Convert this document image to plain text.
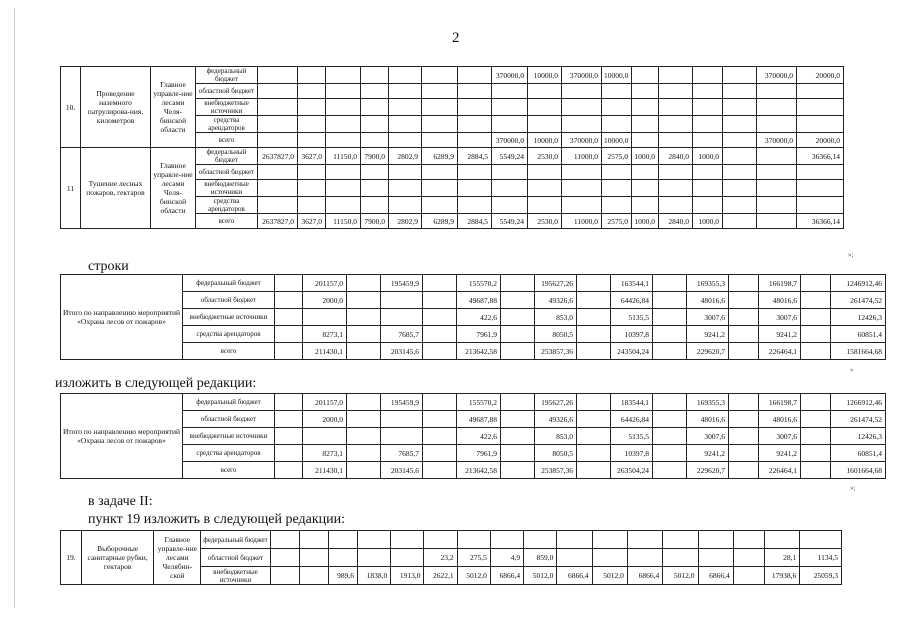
2
10.	Проведение наземного патрулирова-ния, километров	Главное управле-ние лесами Челя-бинской области	федеральный бюджет								370000,0	10000,0	370000,0	10000,0					370000,0	20000,0
			областной бюджет																	
			внебюджетные источники																	
			средства арендаторов																	
			всего								370000,0	10000,0	370000,0	10000,0					370000,0	20000,0
11	Тушение лесных пожаров, гектаров	Главное управле-ние лесами Челя-бинской области	федеральный бюджет	2637827,0	3627,0	11150,0	7900,0	2802,9	6289,9	2884,5	5549,24	2530,0	11000,0	2575,0	1000,0	2840,0	1000,0			36366,14
			областной бюджет																	
			внебюджетные источники																	
			средства арендаторов																	
			всего	2637827,0	3627,0	11150,0	7900,0	2802,9	6289,9	2884,5	5549,24	2530,0	11000,0	2575,0	1000,0	2840,0	1000,0			36366,14
»;
строки
Итого по направлению мероприятий «Охрана лесов от пожаров»	федеральный бюджет		201157,0		195459,9		155570,2		195627,26		163544,1		169355,3		166198,7		1246912,46
	областной бюджет		2000,0				49687,88		49326,6		64426,84		48016,6		48016,6		261474,52
	внебюджетные источники						422,6		853,0		5135,5		3007,6		3007,6		12426,3
	средства арендаторов		8273,1		7685,7		7961,9		8050,5		10397,8		9241,2		9241,2		60851,4
	всего		211430,1		203145,6		213642,58		253857,36		243504,24		229620,7		226464,1		1581664,68
»
изложить в следующей редакции:
Итого по направлению мероприятий «Охрана лесов от пожаров»	федеральный бюджет		201157,0		195459,9		155570,2		195627,26		183544,1		169355,3		166198,7		1266912,46
	областной бюджет		2000,0				49687,88		49326,6		64426,84		48016,6		48016,6		261474,52
	внебюджетные источники						422,6		853,0		5135,5		3007,6		3007,6		12426,3
	средства арендаторов		8273,1		7685,7		7961,9		8050,5		10397,8		9241,2		9241,2		60851,4
	всего		211430,1		203145,6		213642,58		253857,36		263504,24		229620,7		226464,1		1601664,68
»;
в задаче II:
пункт 19 изложить в следующей редакции:
19.	Выборочные санитарные рубки, гектаров	Главное управле-ние лесами Челябин-ской	федеральный бюджет																	
			областной бюджет						23,2	275,5	4,9	859,0							28,1	1134,5
			внебюджетные источники			989,6	1838,0	1913,0	2622,1	5012,0	6866,4	5012,0	6866,4	5012,0	6866,4	5012,0	6866,4		17938,6	25059,3
